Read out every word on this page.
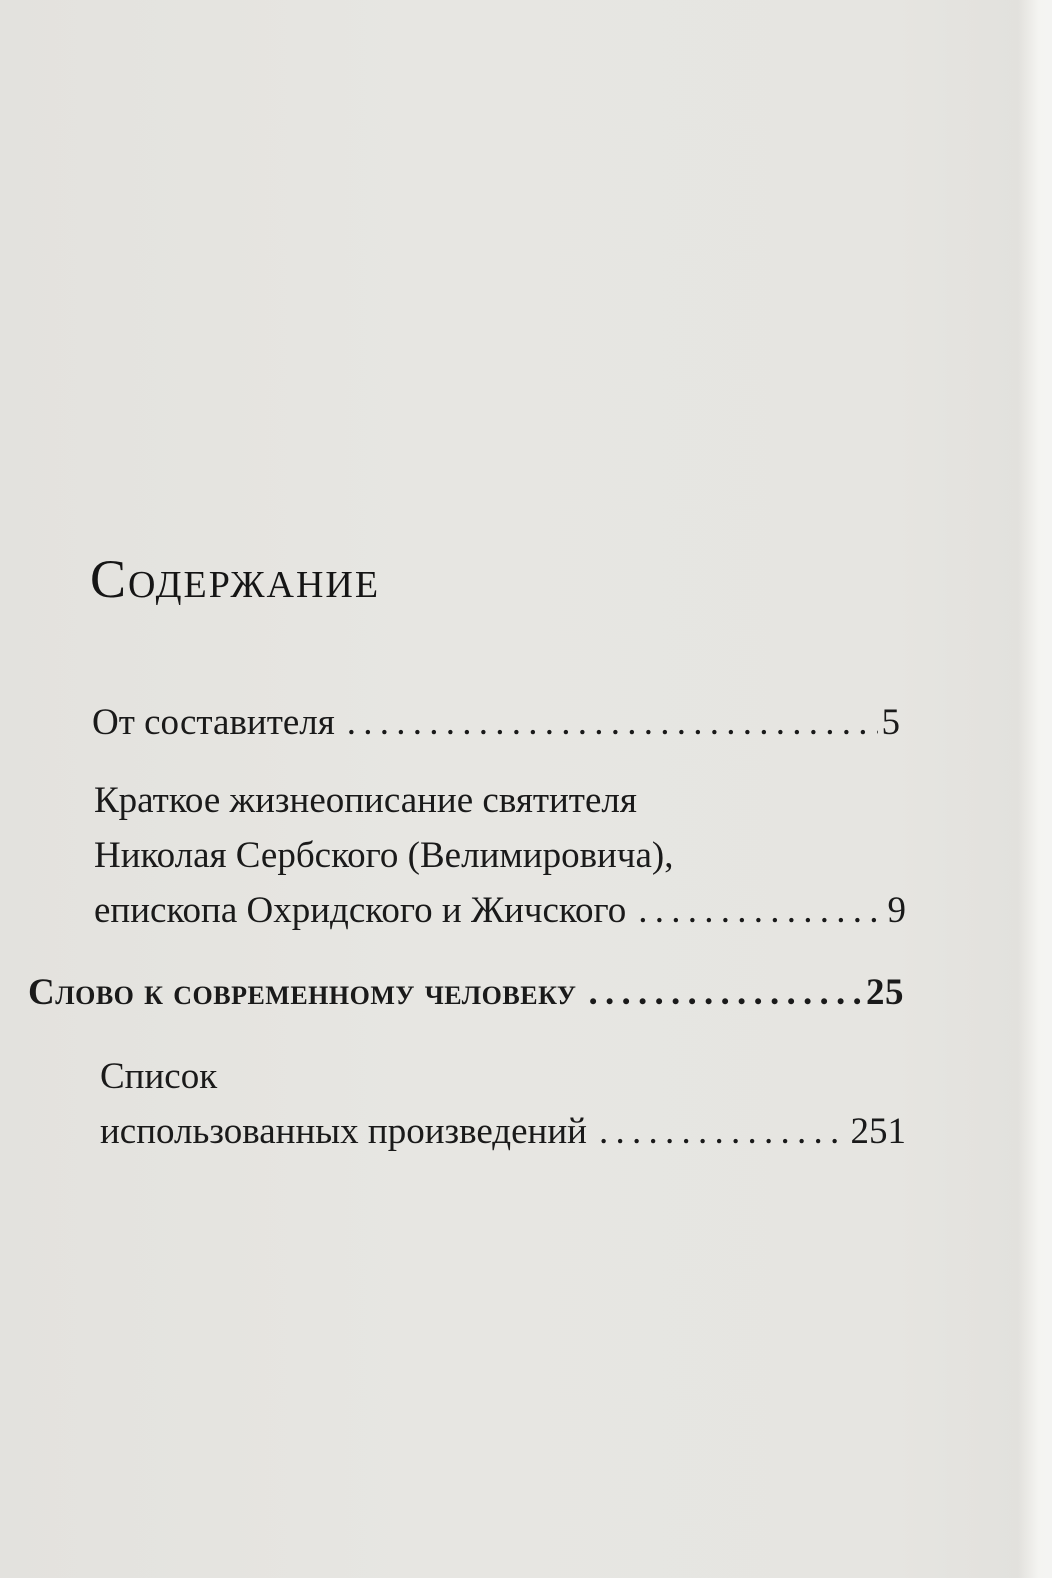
Содержание
От составителя . . .	5
Краткое жизнеописание святителя
Николая Сербского (Велимировича),
епископа Охридского и Жичского . . .	9
Слово к современному человеку . . .	25
Список
использованных произведений . . .	251
